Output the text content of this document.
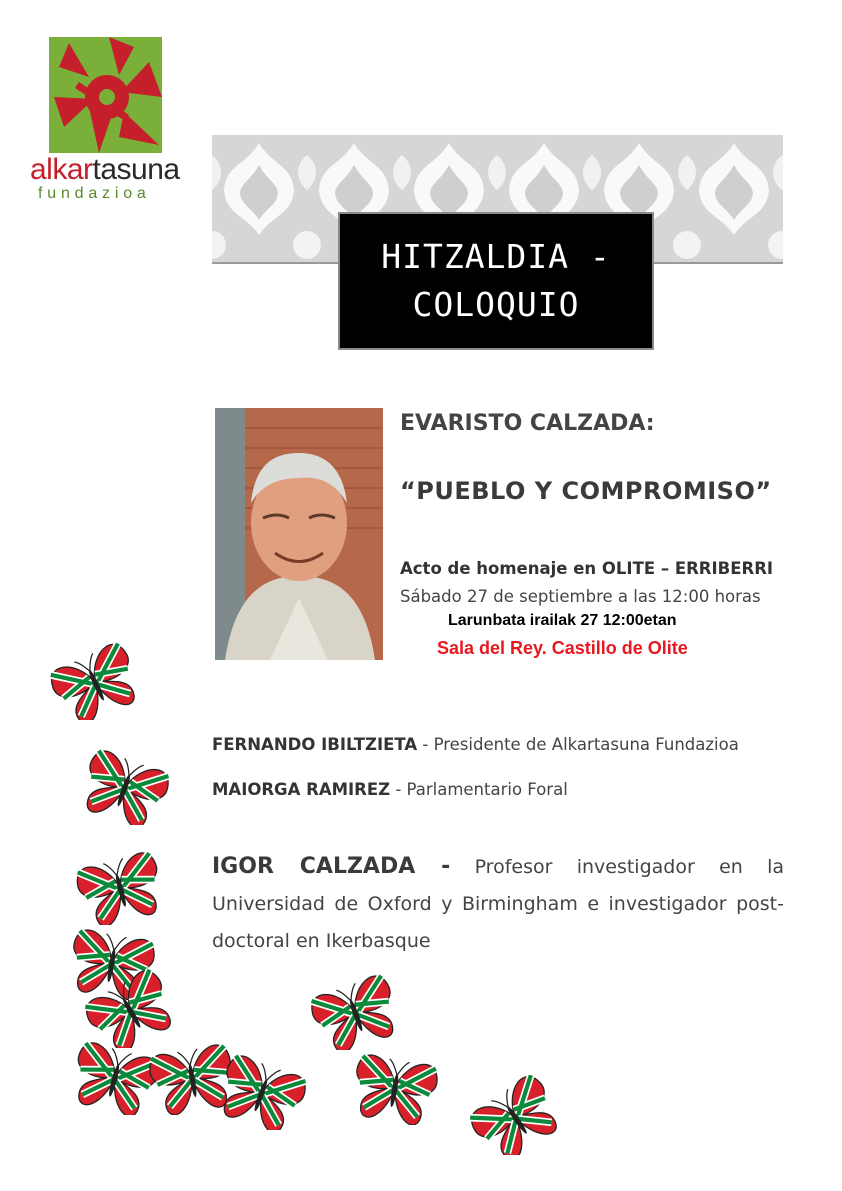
alkartasuna
fundazioa
HITZALDIA -
COLOQUIO
EVARISTO CALZADA:
“PUEBLO Y COMPROMISO”
Acto de homenaje en OLITE – ERRIBERRI
Sábado 27 de septiembre a las 12:00 horas
Larunbata irailak 27 12:00etan
Sala del Rey. Castillo de Olite
FERNANDO IBILTZIETA - Presidente de Alkartasuna Fundazioa
MAIORGA RAMIREZ - Parlamentario Foral
IGOR CALZADA - Profesor investigador en la Universidad de Oxford y Birmingham e investigador post-doctoral en Ikerbasque
